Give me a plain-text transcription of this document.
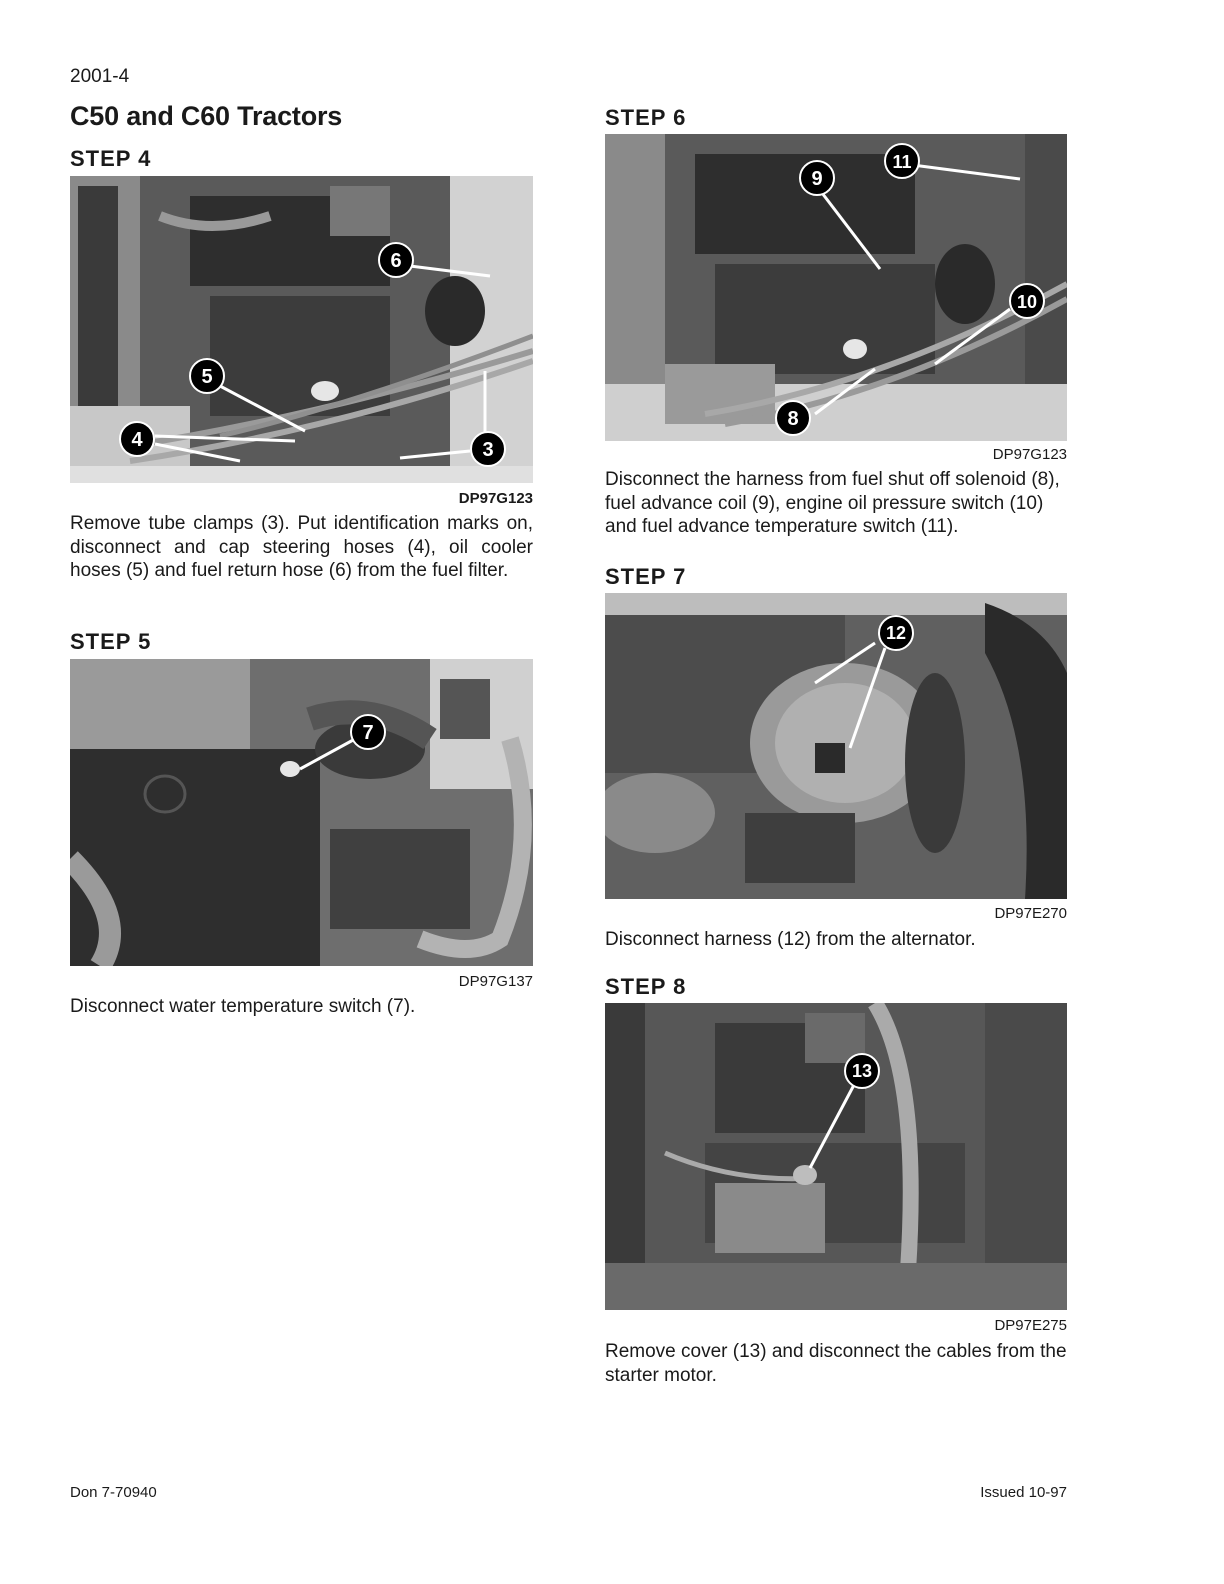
2001-4
C50 and C60 Tractors
STEP 4
6
5
4	3
DP97G123
Remove tube clamps (3). Put identification marks on, disconnect and cap steering hoses (4), oil cooler hoses (5) and fuel return hose (6) from the fuel filter.
STEP 5
7
DP97G137
Disconnect water temperature switch (7).
STEP 6
9
11
10
8
DP97G123
Disconnect the harness from fuel shut off solenoid (8), fuel advance coil (9), engine oil pressure switch (10) and fuel advance temperature switch (11).
STEP 7
12
DP97E270
Disconnect harness (12) from the alternator.
STEP 8
13
DP97E275
Remove cover (13) and disconnect the cables from the starter motor.
Don 7-70940	Issued 10-97
